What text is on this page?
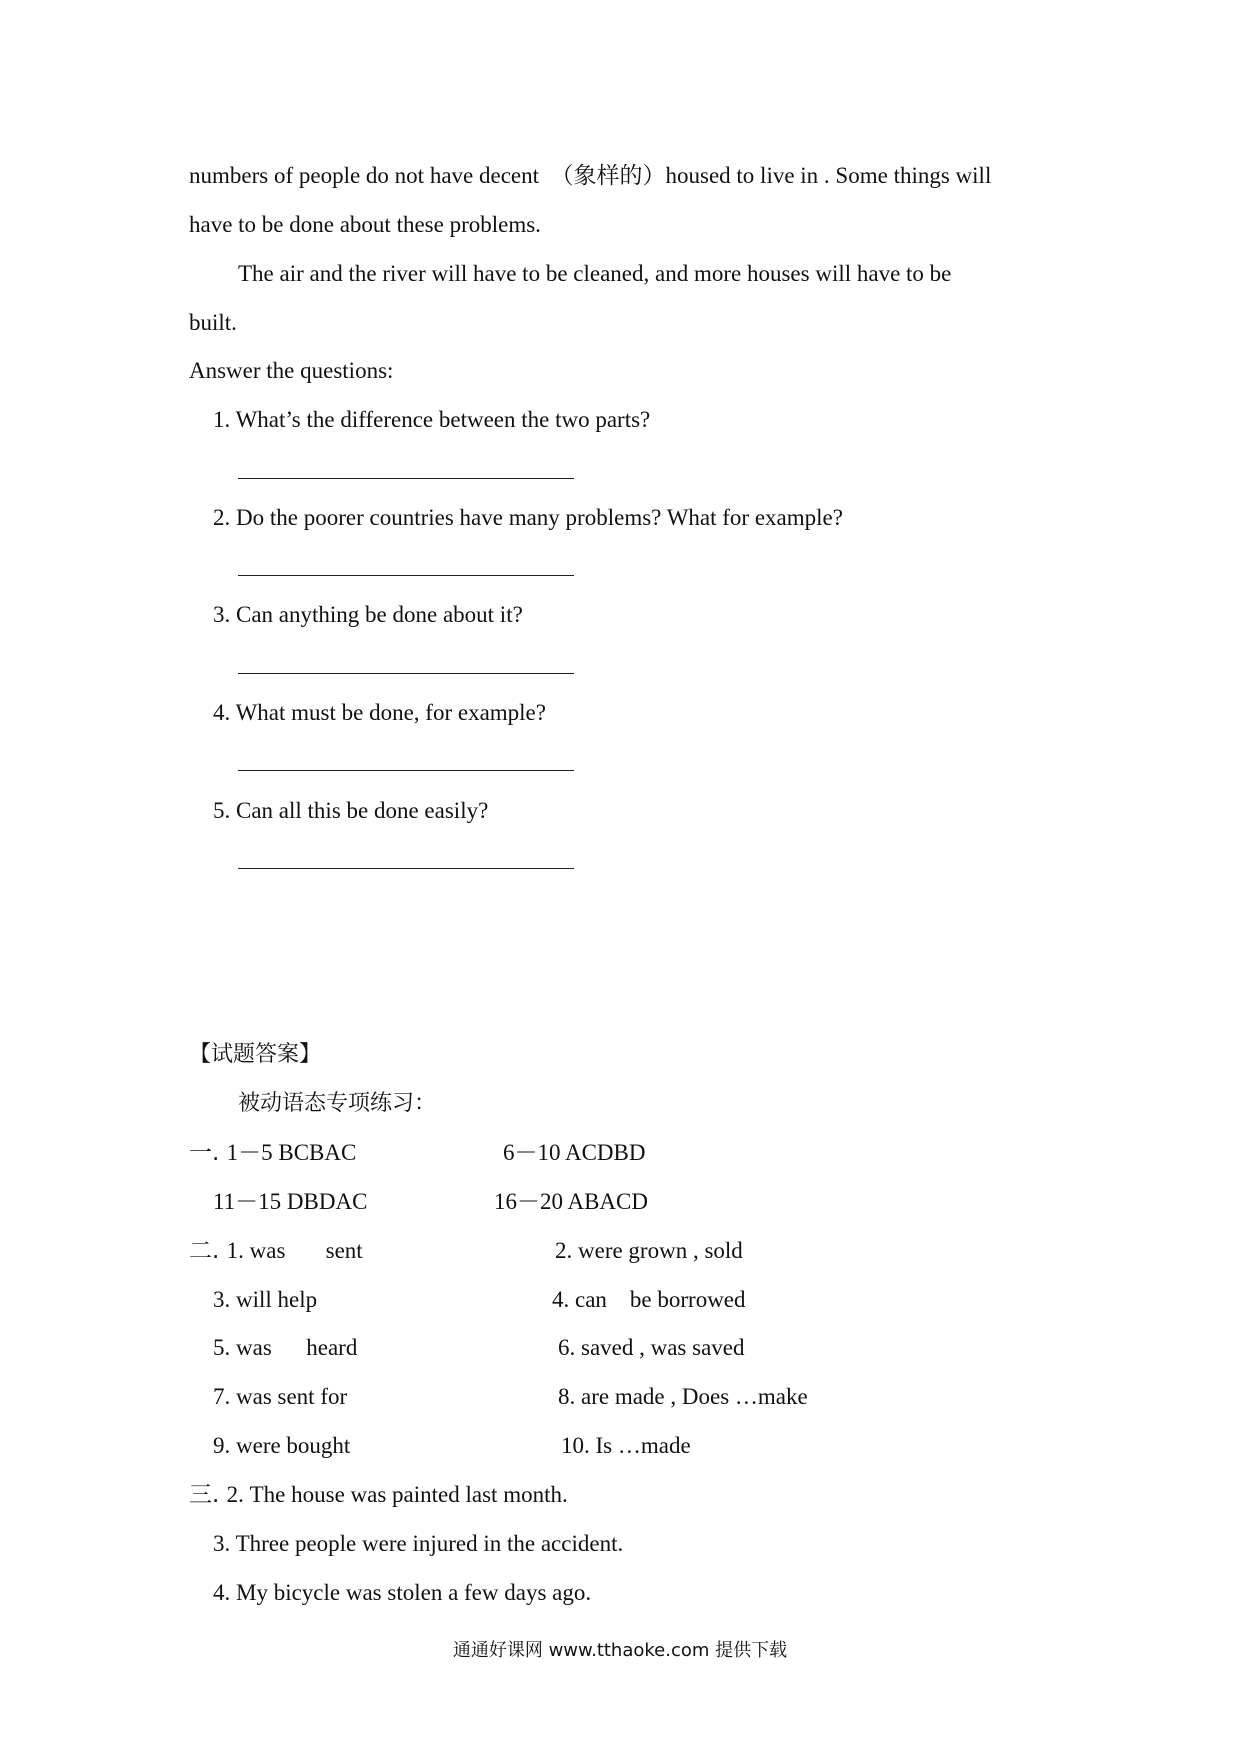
numbers of people do not have decent  （象样的）housed to live in . Some things will
have to be done about these problems.
The air and the river will have to be cleaned, and more houses will have to be
built.
Answer the questions:
1. What’s the difference between the two parts?
2. Do the poorer countries have many problems? What for example?
3. Can anything be done about it?
4. What must be done, for example?
5. Can all this be done easily?
【试题答案】
被动语态专项练习：
一. 1－5 BCBAC	6－10 ACDBD
11－15 DBDAC	16－20 ABACD
二. 1. was       sent	2. were grown , sold
3. will help	4. can    be borrowed
5. was      heard	6. saved , was saved
7. was sent for	8. are made , Does …make
9. were bought	10. Is …made
三. 2. The house was painted last month.
3. Three people were injured in the accident.
4. My bicycle was stolen a few days ago.
通通好课网 www.tthaoke.com 提供下载
